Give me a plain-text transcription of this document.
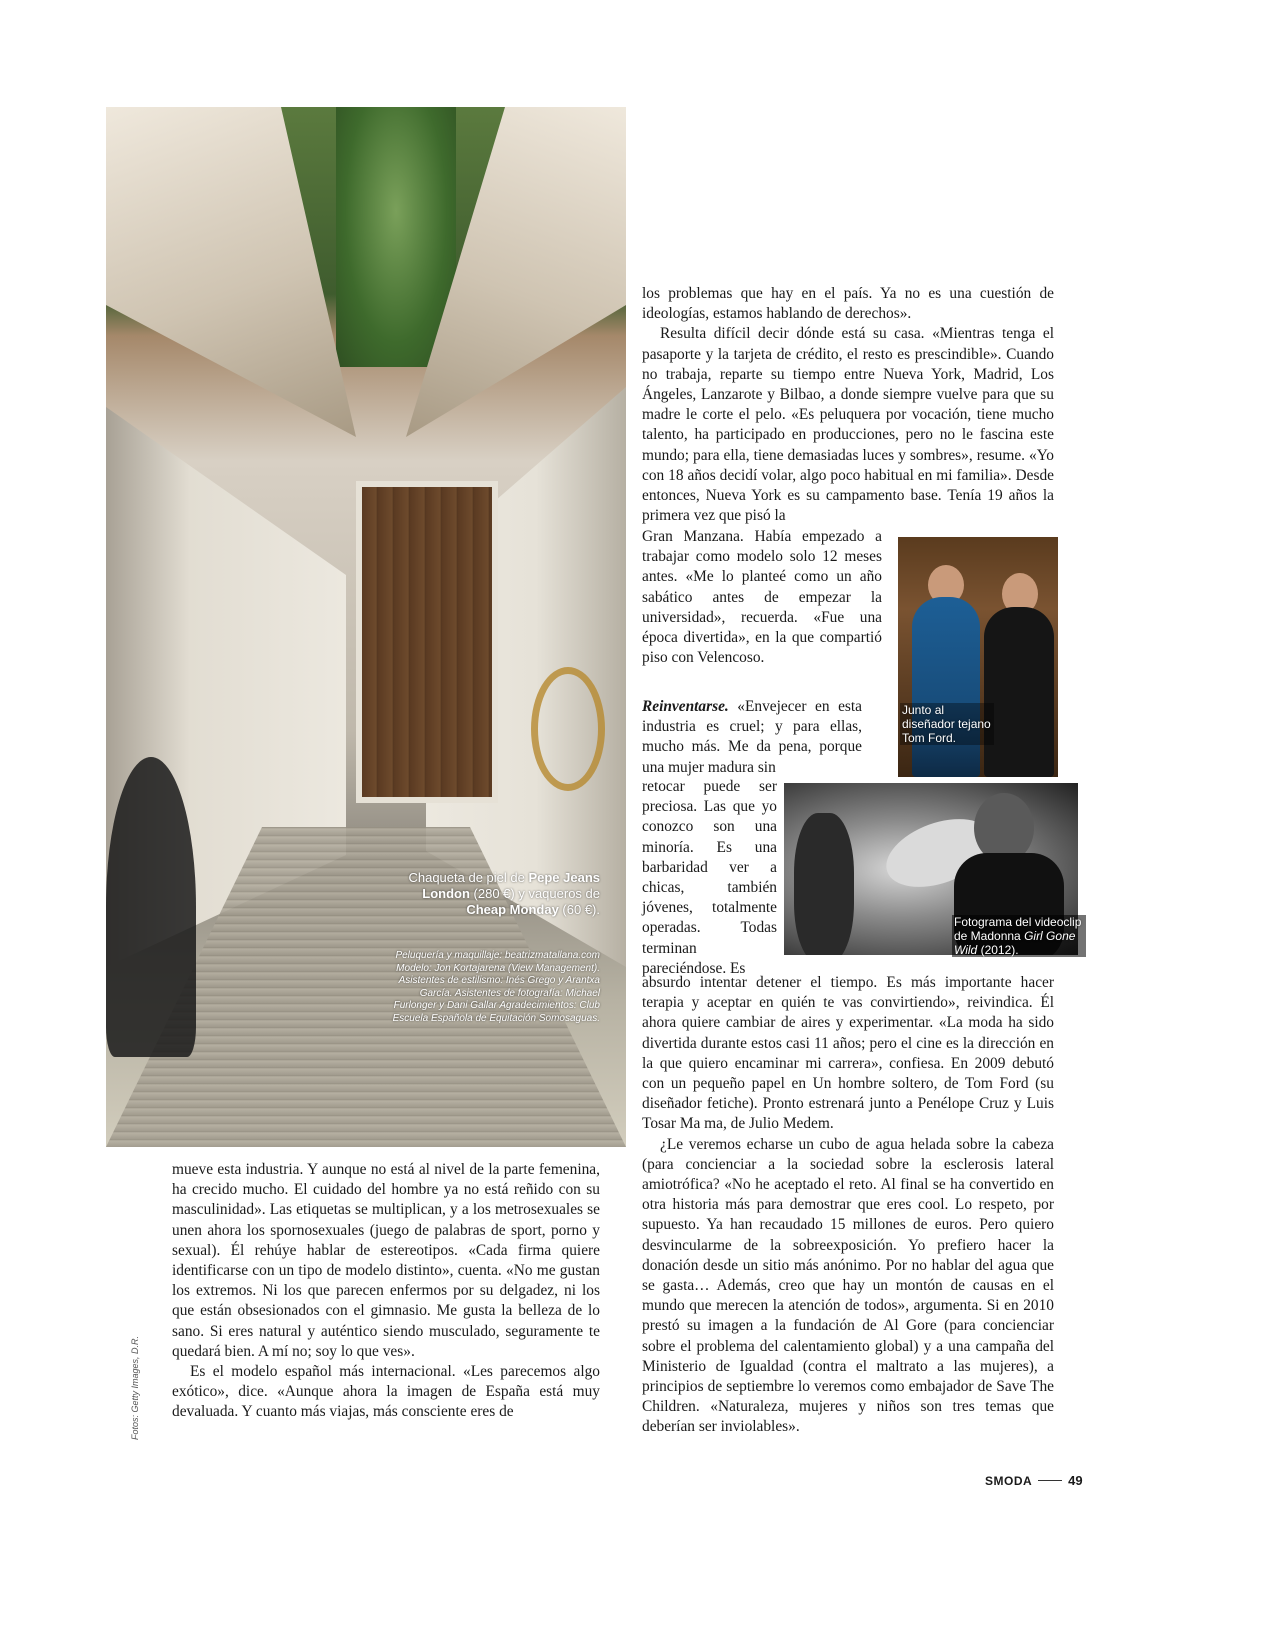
Chaqueta de piel de Pepe Jeans London (280 €) y vaqueros de Cheap Monday (60 €).
Peluquería y maquillaje: beatrizmatallana.com Modelo: Jon Kortajarena (View Management). Asistentes de estilismo: Inés Grego y Arantxa García. Asistentes de fotografía: Michael Furlonger y Dani Gallar Agradecimientos: Club Escuela Española de Equitación Somosaguas.

los problemas que hay en el país. Ya no es una cuestión de ideologías, estamos hablando de derechos».

Resulta difícil decir dónde está su casa. «Mientras tenga el pasaporte y la tarjeta de crédito, el resto es prescindible». Cuando no trabaja, reparte su tiempo entre Nueva York, Madrid, Los Ángeles, Lanzarote y Bilbao, a donde siempre vuelve para que su madre le corte el pelo. «Es peluquera por vocación, tiene mucho talento, ha participado en producciones, pero no le fascina este mundo; para ella, tiene demasiadas luces y sombres», resume. «Yo con 18 años decidí volar, algo poco habitual en mi familia». Desde entonces, Nueva York es su campamento base. Tenía 19 años la primera vez que pisó la

Gran Manzana. Había empezado a trabajar como modelo solo 12 meses antes. «Me lo planteé como un año sabático antes de empezar la universidad», recuerda. «Fue una época divertida», en la que compartió piso con Velencoso.

Reinventarse. «Envejecer en esta industria es cruel; y para ellas, mucho más. Me da pena, porque una mujer madura sin

retocar puede ser preciosa. Las que yo conozco son una minoría. Es una barbaridad ver a chicas, también jóvenes, totalmente operadas. Todas terminan pareciéndose. Es

Junto al diseñador tejano Tom Ford.
Fotograma del videoclip de Madonna Girl Gone Wild (2012).

absurdo intentar detener el tiempo. Es más importante hacer terapia y aceptar en quién te vas convirtiendo», reivindica. Él ahora quiere cambiar de aires y experimentar. «La moda ha sido divertida durante estos casi 11 años; pero el cine es la dirección en la que quiero encaminar mi carrera», confiesa. En 2009 debutó con un pequeño papel en Un hombre soltero, de Tom Ford (su diseñador fetiche). Pronto estrenará junto a Penélope Cruz y Luis Tosar Ma ma, de Julio Medem.

¿Le veremos echarse un cubo de agua helada sobre la cabeza (para concienciar a la sociedad sobre la esclerosis lateral amiotrófica? «No he aceptado el reto. Al final se ha convertido en otra historia más para demostrar que eres cool. Lo respeto, por supuesto. Ya han recaudado 15 millones de euros. Pero quiero desvincularme de la sobreexposición. Yo prefiero hacer la donación desde un sitio más anónimo. Por no hablar del agua que se gasta… Además, creo que hay un montón de causas en el mundo que merecen la atención de todos», argumenta. Si en 2010 prestó su imagen a la fundación de Al Gore (para concienciar sobre el problema del calentamiento global) y a una campaña del Ministerio de Igualdad (contra el maltrato a las mujeres), a principios de septiembre lo veremos como embajador de Save The Children. «Naturaleza, mujeres y niños son tres temas que deberían ser inviolables».

mueve esta industria. Y aunque no está al nivel de la parte femenina, ha crecido mucho. El cuidado del hombre ya no está reñido con su masculinidad». Las etiquetas se multiplican, y a los metrosexuales se unen ahora los spornosexuales (juego de palabras de sport, porno y sexual). Él rehúye hablar de estereotipos. «Cada firma quiere identificarse con un tipo de modelo distinto», cuenta. «No me gustan los extremos. Ni los que parecen enfermos por su delgadez, ni los que están obsesionados con el gimnasio. Me gusta la belleza de lo sano. Si eres natural y auténtico siendo musculado, seguramente te quedará bien. A mí no; soy lo que ves».

Es el modelo español más internacional. «Les parecemos algo exótico», dice. «Aunque ahora la imagen de España está muy devaluada. Y cuanto más viajas, más consciente eres de

Fotos: Getty Images, D.R.
SMODA	49
